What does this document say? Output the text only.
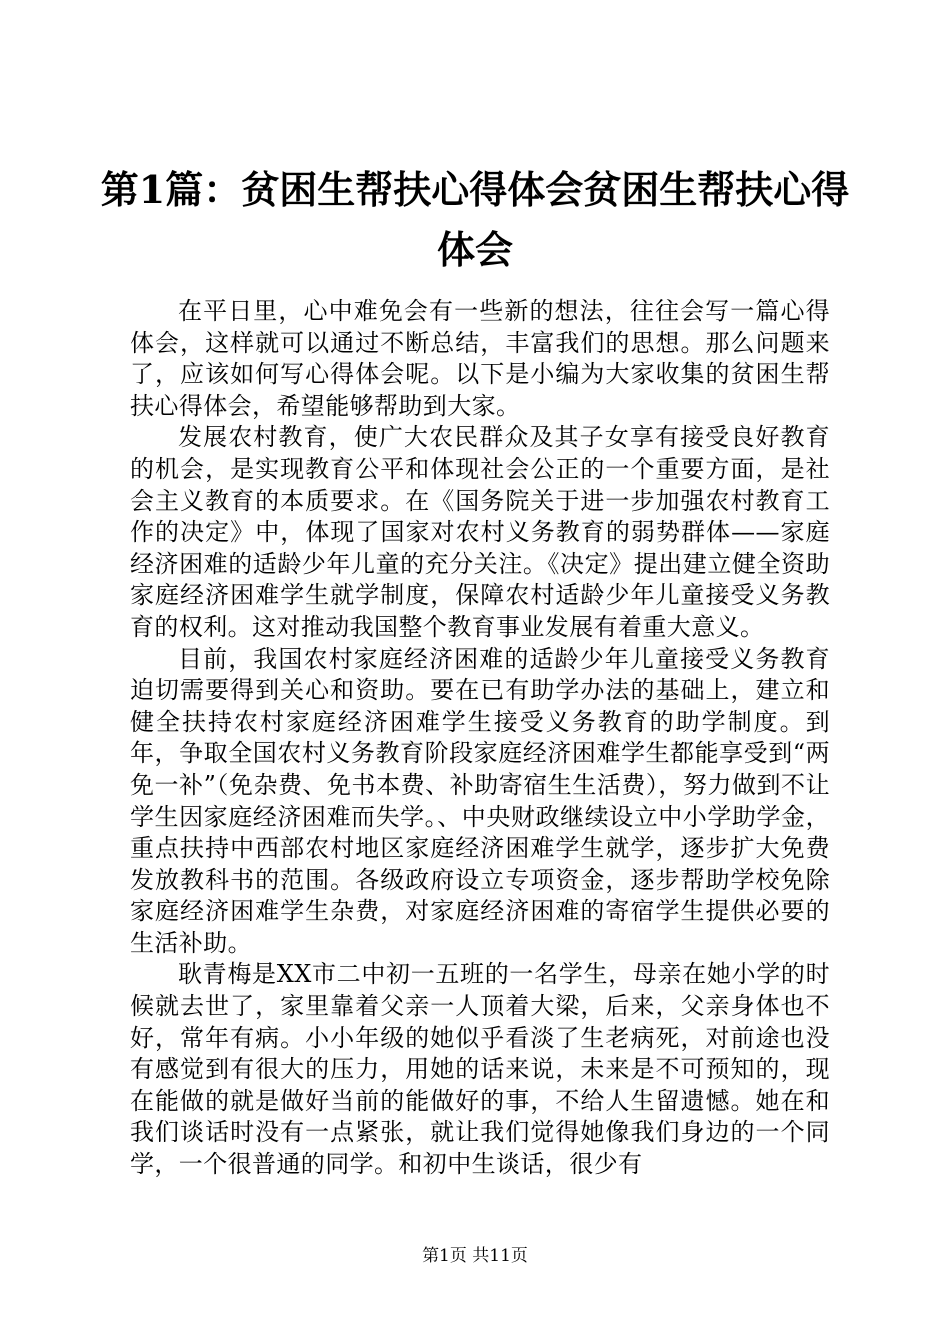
第1篇：贫困生帮扶心得体会贫困生帮扶心得体会

在平日里，心中难免会有一些新的想法，往往会写一篇心得体会，这样就可以通过不断总结，丰富我们的思想。那么问题来了，应该如何写心得体会呢。以下是小编为大家收集的贫困生帮扶心得体会，希望能够帮助到大家。

发展农村教育，使广大农民群众及其子女享有接受良好教育的机会，是实现教育公平和体现社会公正的一个重要方面，是社会主义教育的本质要求。在《国务院关于进一步加强农村教育工作的决定》中，体现了国家对农村义务教育的弱势群体——家庭经济困难的适龄少年儿童的充分关注。《决定》提出建立健全资助家庭经济困难学生就学制度，保障农村适龄少年儿童接受义务教育的权利。这对推动我国整个教育事业发展有着重大意义。

目前，我国农村家庭经济困难的适龄少年儿童接受义务教育迫切需要得到关心和资助。要在已有助学办法的基础上，建立和健全扶持农村家庭经济困难学生接受义务教育的助学制度。到年，争取全国农村义务教育阶段家庭经济困难学生都能享受到“两免一补”（免杂费、免书本费、补助寄宿生生活费），努力做到不让学生因家庭经济困难而失学。、中央财政继续设立中小学助学金，重点扶持中西部农村地区家庭经济困难学生就学，逐步扩大免费发放教科书的范围。各级政府设立专项资金，逐步帮助学校免除家庭经济困难学生杂费，对家庭经济困难的寄宿学生提供必要的生活补助。

耿青梅是XX市二中初一五班的一名学生，母亲在她小学的时候就去世了，家里靠着父亲一人顶着大梁，后来，父亲身体也不好，常年有病。小小年级的她似乎看淡了生老病死，对前途也没有感觉到有很大的压力，用她的话来说，未来是不可预知的，现在能做的就是做好当前的能做好的事，不给人生留遗憾。她在和我们谈话时没有一点紧张，就让我们觉得她像我们身边的一个同学，一个很普通的同学。和初中生谈话，很少有

第1页 共11页
